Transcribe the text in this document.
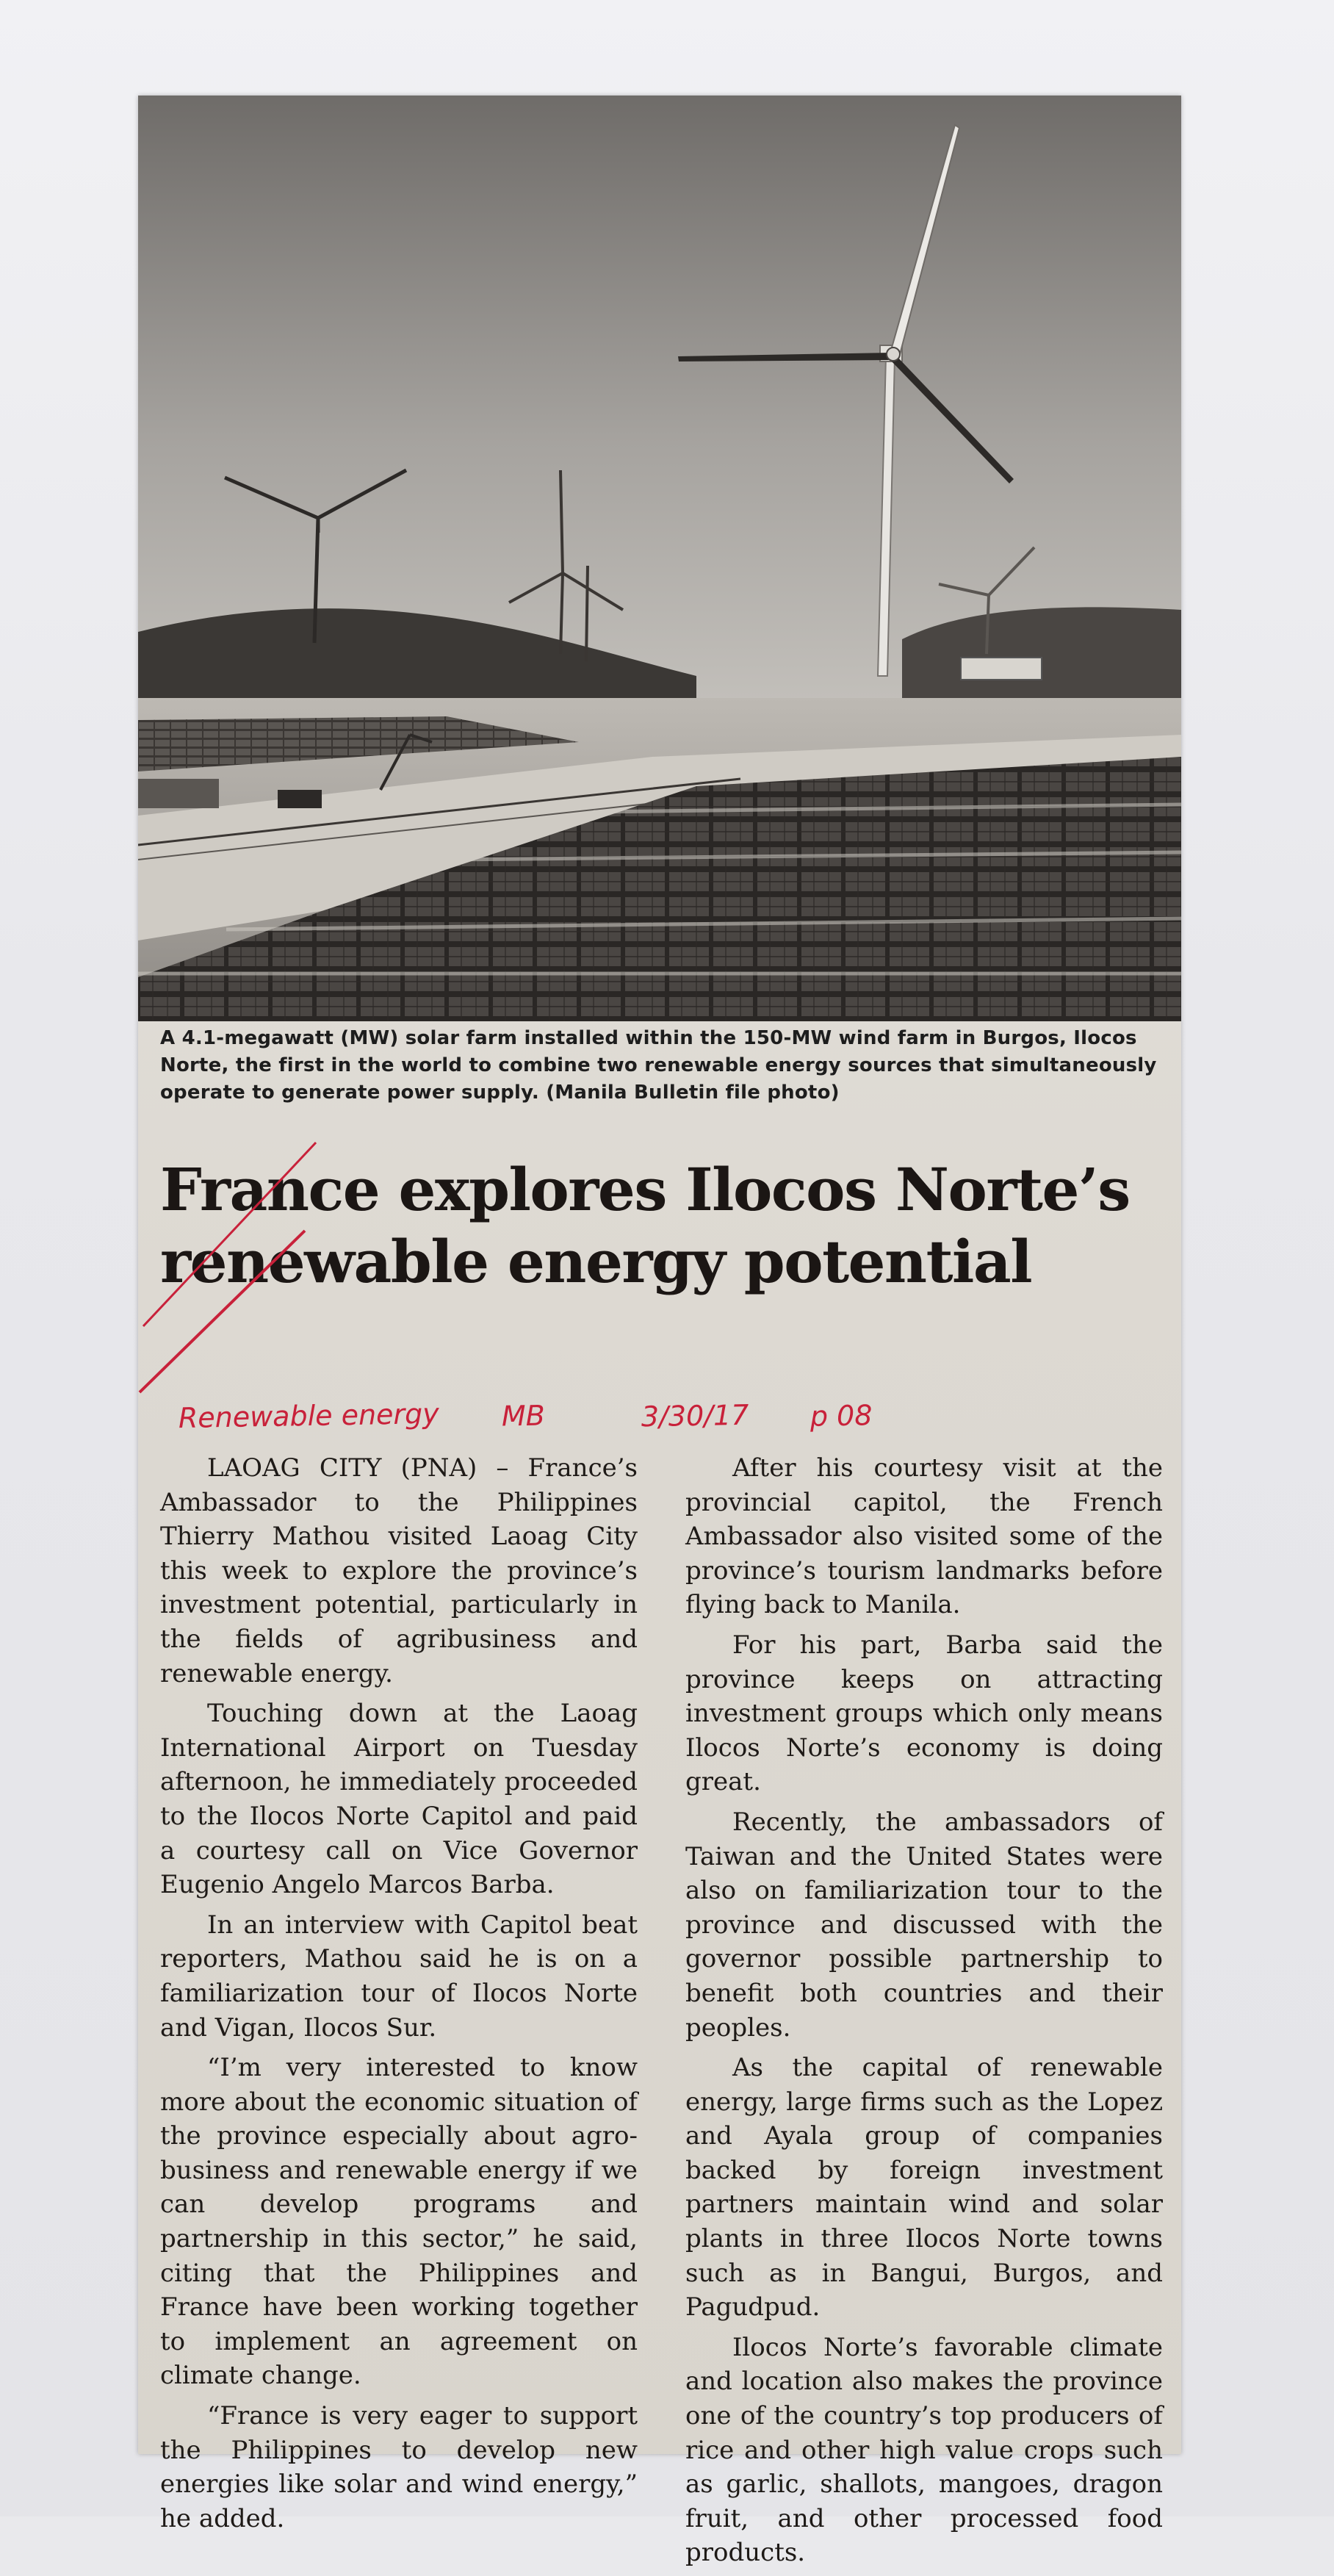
A 4.1-megawatt (MW) solar farm installed within the 150-MW wind farm in Burgos, Ilocos Norte, the first in the world to combine two renewable energy sources that simultaneously operate to generate power supply. (Manila Bulletin file photo)

France explores Ilocos Norte’s renewable energy potential
Renewable energy MB	3/30/17 p 08

LAOAG CITY (PNA) – France’s Ambassador to the Philippines Thierry Mathou visited Laoag City this week to explore the province’s investment potential, particularly in the fields of agribusiness and renewable energy.

Touching down at the Laoag International Airport on Tuesday afternoon, he immediately proceeded to the Ilocos Norte Capitol and paid a courtesy call on Vice Governor Eugenio Angelo Marcos Barba.

In an interview with Capitol beat reporters, Mathou said he is on a familiarization tour of Ilocos Norte and Vigan, Ilocos Sur.

“I’m very interested to know more about the economic situation of the province especially about agro-business and renewable energy if we can develop programs and partnership in this sector,” he said, citing that the Philippines and France have been working together to implement an agreement on climate change.

“France is very eager to support the Philippines to develop new energies like solar and wind energy,” he added.

After his courtesy visit at the provincial capitol, the French Ambassador also visited some of the province’s tourism landmarks before flying back to Manila.

For his part, Barba said the province keeps on attracting investment groups which only means Ilocos Norte’s economy is doing great.

Recently, the ambassadors of Taiwan and the United States were also on familiarization tour to the province and discussed with the governor possible partnership to benefit both countries and their peoples.

As the capital of renewable energy, large firms such as the Lopez and Ayala group of companies backed by foreign investment partners maintain wind and solar plants in three Ilocos Norte towns such as in Bangui, Burgos, and Pagudpud.

Ilocos Norte’s favorable climate and location also makes the province one of the country’s top producers of rice and other high value crops such as garlic, shallots, mangoes, dragon fruit, and other processed food products.
